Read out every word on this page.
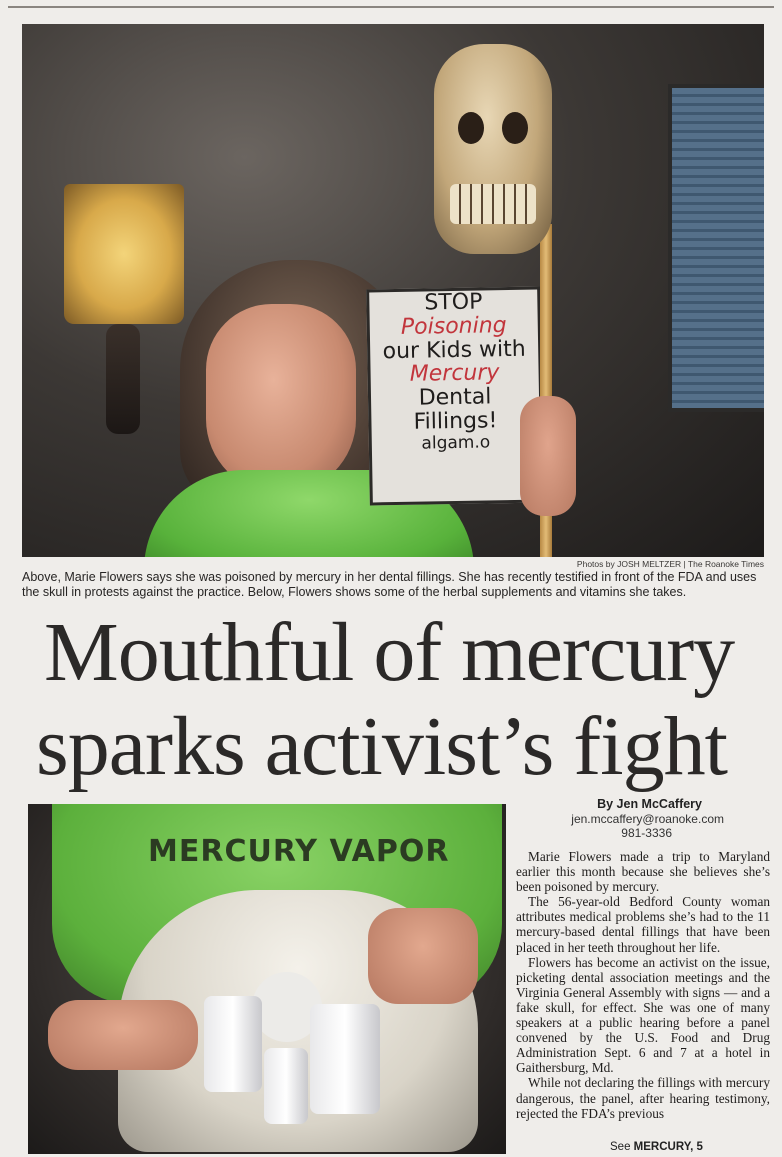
STOP
Poisoning
our Kids with
Mercury
Dental
Fillings!
algam.o
Photos by JOSH MELTZER | The Roanoke Times
Above, Marie Flowers says she was poisoned by mercury in her dental fillings. She has recently testified in front of the FDA and uses the skull in protests against the practice. Below, Flowers shows some of the herbal supplements and vitamins she takes.
Mouthful of mercury
sparks activist’s fight
MERCURY VAPOR
By Jen McCaffery
jen.mccaffery@roanoke.com
981-3336

Marie Flowers made a trip to Maryland earlier this month because she believes she’s been poisoned by mercury.

The 56-year-old Bedford County woman attributes medical problems she’s had to the 11 mercury-based dental fillings that have been placed in her teeth throughout her life.

Flowers has become an activist on the issue, picketing dental association meetings and the Virginia General Assembly with signs — and a fake skull, for effect. She was one of many speakers at a public hearing before a panel convened by the U.S. Food and Drug Administration Sept. 6 and 7 at a hotel in Gaithersburg, Md.

While not declaring the fillings with mercury dangerous, the panel, after hearing testimony, rejected the FDA’s previous

See MERCURY, 5
